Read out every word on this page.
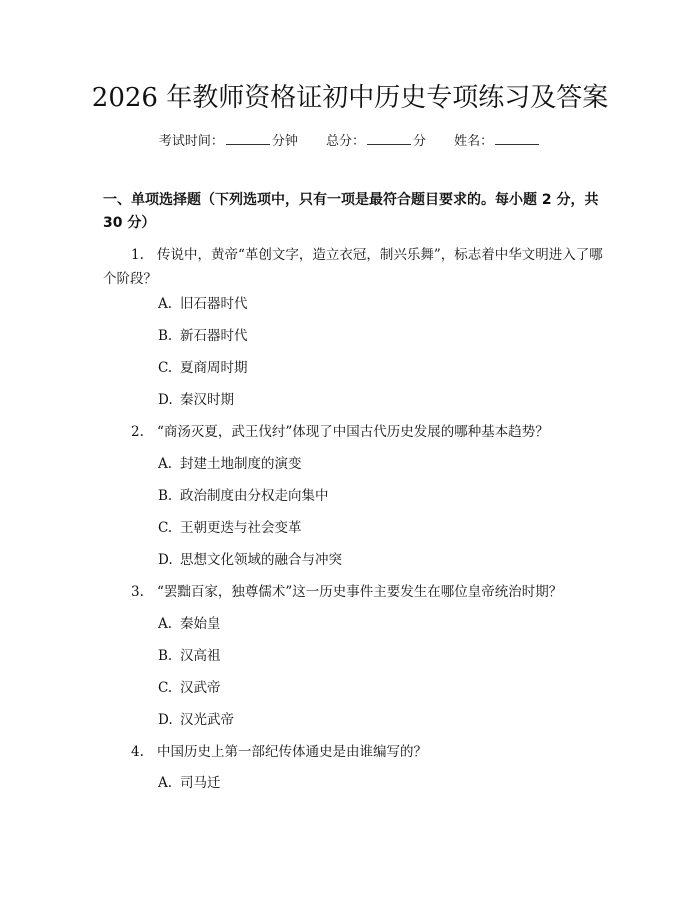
2026 年教师资格证初中历史专项练习及答案
考试时间：	分钟 总分：	分 姓名：
一、单项选择题（下列选项中，只有一项是最符合题目要求的。每小题 2 分，共 30 分）
1. 传说中，黄帝“革创文字，造立衣冠，制兴乐舞”，标志着中华文明进入了哪个阶段？
A. 旧石器时代
B. 新石器时代
C. 夏商周时期
D. 秦汉时期
2. “商汤灭夏，武王伐纣”体现了中国古代历史发展的哪种基本趋势？
A. 封建土地制度的演变
B. 政治制度由分权走向集中
C. 王朝更迭与社会变革
D. 思想文化领域的融合与冲突
3. “罢黜百家，独尊儒术”这一历史事件主要发生在哪位皇帝统治时期？
A. 秦始皇
B. 汉高祖
C. 汉武帝
D. 汉光武帝
4. 中国历史上第一部纪传体通史是由谁编写的？
A. 司马迁
